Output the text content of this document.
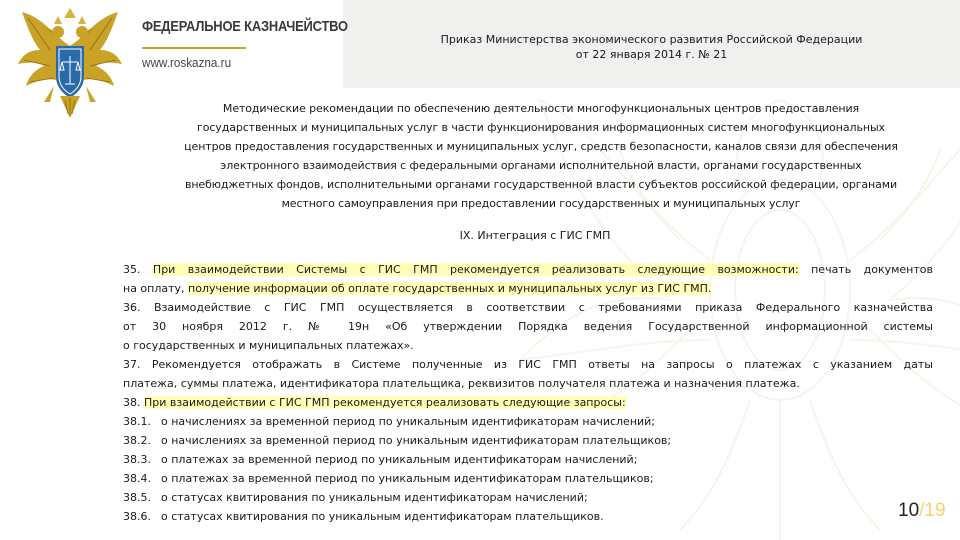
ФЕДЕРАЛЬНОЕ КАЗНАЧЕЙСТВО
www.roskazna.ru
Приказ Министерства экономического развития Российской Федерации
от 22 января 2014 г. № 21
Методические рекомендации по обеспечению деятельности многофункциональных центров предоставления
государственных и муниципальных услуг в части функционирования информационных систем многофункциональных
центров предоставления государственных и муниципальных услуг, средств безопасности, каналов связи для обеспечения
электронного взаимодействия с федеральными органами исполнительной власти, органами государственных
внебюджетных фондов, исполнительными органами государственной власти субъектов российской федерации, органами
местного самоуправления при предоставлении государственных и муниципальных услуг
IX. Интеграция с ГИС ГМП
35. При взаимодействии Системы с ГИС ГМП рекомендуется реализовать следующие возможности: печать документов
на оплату, получение информации об оплате государственных и муниципальных услуг из ГИС ГМП.
36. Взаимодействие с ГИС ГМП осуществляется в соответствии с требованиями приказа Федерального казначейства
от 30 ноября 2012 г. № 19н «Об утверждении Порядка ведения Государственной информационной системы
о государственных и муниципальных платежах».
37. Рекомендуется отображать в Системе полученные из ГИС ГМП ответы на запросы о платежах с указанием даты
платежа, суммы платежа, идентификатора плательщика, реквизитов получателя платежа и назначения платежа.
38. При взаимодействии с ГИС ГМП рекомендуется реализовать следующие запросы:
38.1. о начислениях за временной период по уникальным идентификаторам начислений;
38.2. о начислениях за временной период по уникальным идентификаторам плательщиков;
38.3. о платежах за временной период по уникальным идентификаторам начислений;
38.4. о платежах за временной период по уникальным идентификаторам плательщиков;
38.5. о статусах квитирования по уникальным идентификаторам начислений;
38.6. о статусах квитирования по уникальным идентификаторам плательщиков.	10/19
